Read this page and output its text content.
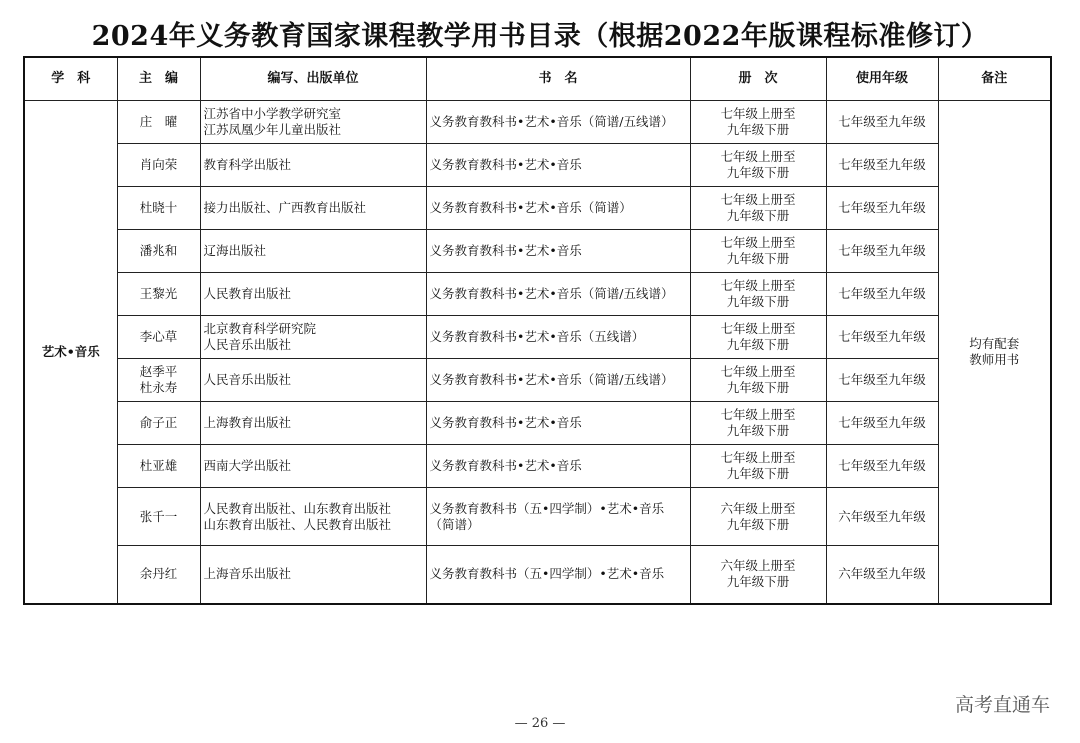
2024年义务教育国家课程教学用书目录（根据2022年版课程标准修订）
学　科	主　编	编写、出版单位	书　名	册　次	使用年级	备注
艺术•音乐	庄　曜	江苏省中小学教学研究室
江苏凤凰少年儿童出版社	义务教育教科书•艺术•音乐（简谱/五线谱）	七年级上册至
九年级下册	七年级至九年级	均有配套
教师用书

	肖向荣	教育科学出版社	义务教育教科书•艺术•音乐	七年级上册至
九年级下册	七年级至九年级	

	杜晓十	接力出版社、广西教育出版社	义务教育教科书•艺术•音乐（简谱）	七年级上册至
九年级下册	七年级至九年级	

	潘兆和	辽海出版社	义务教育教科书•艺术•音乐	七年级上册至
九年级下册	七年级至九年级	

	王黎光	人民教育出版社	义务教育教科书•艺术•音乐（简谱/五线谱）	七年级上册至
九年级下册	七年级至九年级	

	李心草	北京教育科学研究院
人民音乐出版社	义务教育教科书•艺术•音乐（五线谱）	七年级上册至
九年级下册	七年级至九年级	

	赵季平
杜永寿	人民音乐出版社	义务教育教科书•艺术•音乐（简谱/五线谱）	七年级上册至
九年级下册	七年级至九年级	

	俞子正	上海教育出版社	义务教育教科书•艺术•音乐	七年级上册至
九年级下册	七年级至九年级	

	杜亚雄	西南大学出版社	义务教育教科书•艺术•音乐	七年级上册至
九年级下册	七年级至九年级	

	张千一	人民教育出版社、山东教育出版社
山东教育出版社、人民教育出版社	义务教育教科书（五•四学制）•艺术•音乐（简谱）	六年级上册至
九年级下册	六年级至九年级	

	余丹红	上海音乐出版社	义务教育教科书（五•四学制）•艺术•音乐	六年级上册至
九年级下册	六年级至九年级	
— 26 —
高考直通车
